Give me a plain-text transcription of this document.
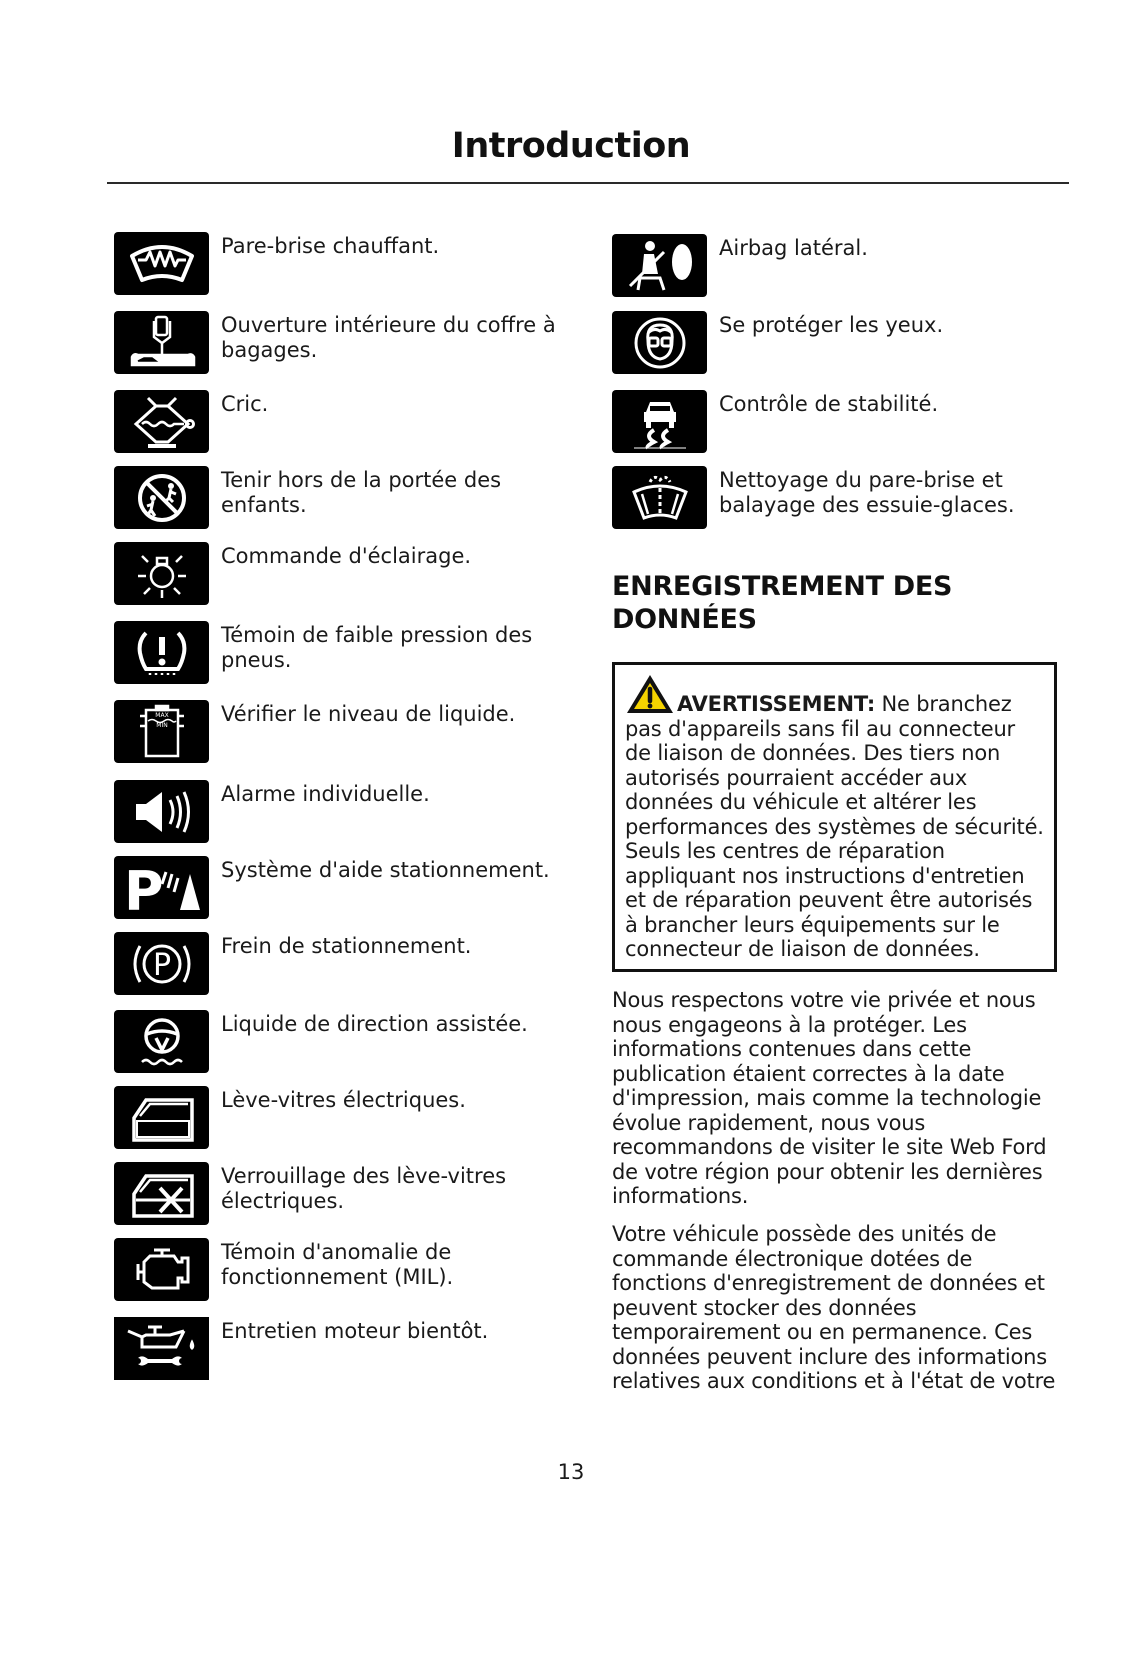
Introduction
Pare-brise chauffant.
Ouverture intérieure du coffre à bagages.
Cric.
Tenir hors de la portée des enfants.
Commande d'éclairage.
Témoin de faible pression des pneus.
MAX
MIN	Vérifier le niveau de liquide.
Alarme individuelle.
P	Système d'aide stationnement.
P
Frein de stationnement.
Liquide de direction assistée.
Lève-vitres électriques.
Verrouillage des lève-vitres électriques.
Témoin d'anomalie de fonctionnement (MIL).
Entretien moteur bientôt.
Airbag latéral.
Se protéger les yeux.
Contrôle de stabilité.
Nettoyage du pare-brise et balayage des essuie-glaces.
ENREGISTREMENT DES DONNÉES
AVERTISSEMENT: Ne branchez pas d'appareils sans fil au connecteur de liaison de données. Des tiers non autorisés pourraient accéder aux données du véhicule et altérer les performances des systèmes de sécurité. Seuls les centres de réparation appliquant nos instructions d'entretien et de réparation peuvent être autorisés à brancher leurs équipements sur le connecteur de liaison de données.

Nous respectons votre vie privée et nous nous engageons à la protéger. Les informations contenues dans cette publication étaient correctes à la date d'impression, mais comme la technologie évolue rapidement, nous vous recommandons de visiter le site Web Ford de votre région pour obtenir les dernières informations.

Votre véhicule possède des unités de commande électronique dotées de fonctions d'enregistrement de données et peuvent stocker des données temporairement ou en permanence. Ces données peuvent inclure des informations relatives aux conditions et à l'état de votre

13
